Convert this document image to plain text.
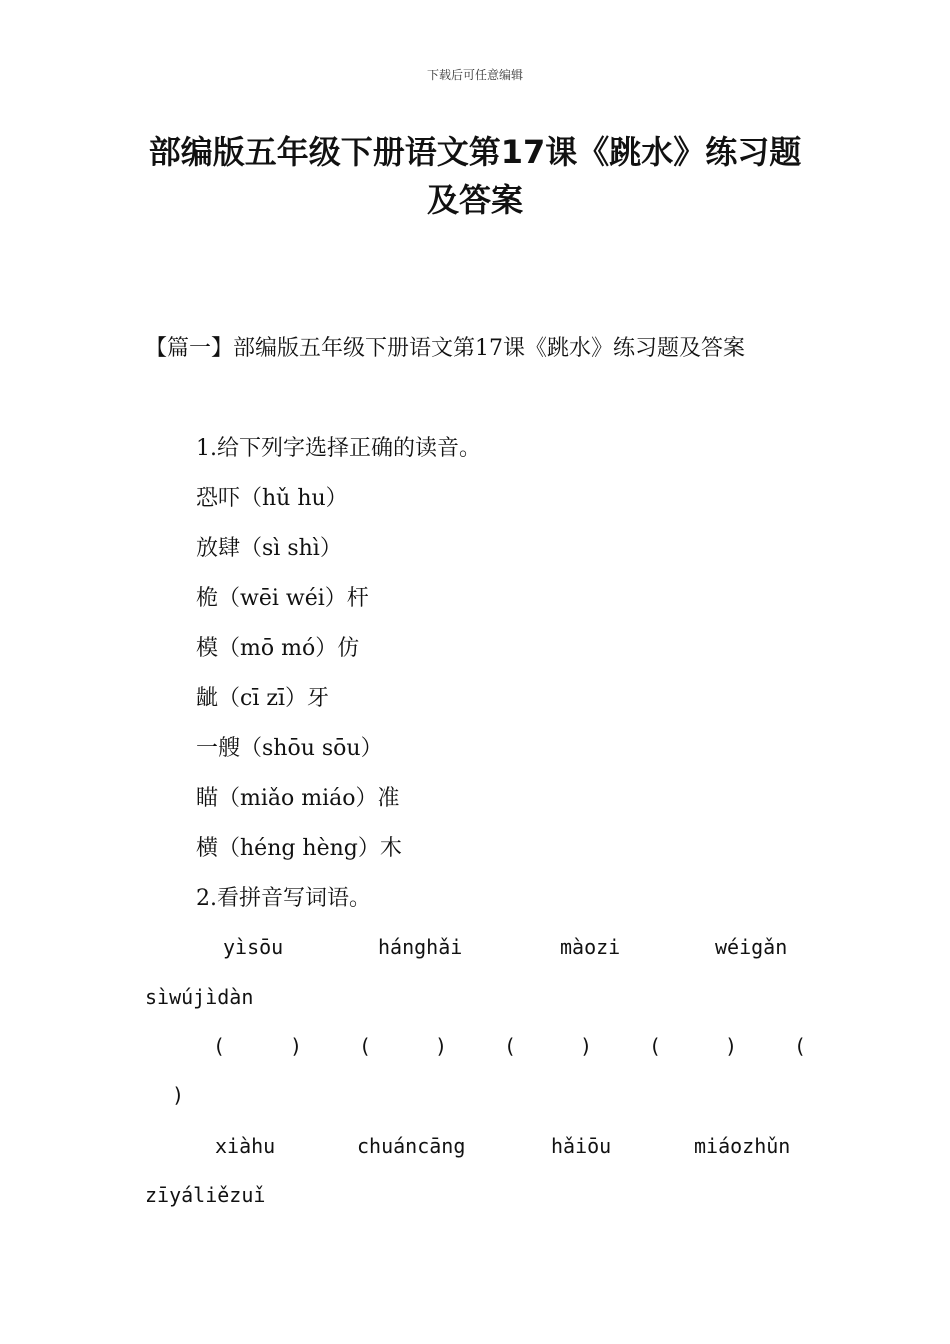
下载后可任意编辑
部编版五年级下册语文第17课《跳水》练习题及答案

【篇一】部编版五年级下册语文第17课《跳水》练习题及答案

1.给下列字选择正确的读音。
恐吓（hǔ hu）
放肆（sì shì）
桅（wēi wéi）杆
模（mō mó）仿
龇（cī zī）牙
一艘（shōu sōu）
瞄（miǎo miáo）准
横（héng hèng）木
2.看拼音写词语。
yìsōu	hánghǎi	màozi	wéigǎn
sìwújìdàn
(	)	(	)	(	)	(	)	(
)
xiàhu	chuáncāng	hǎiōu	miáozhǔn
zīyáliězuǐ
